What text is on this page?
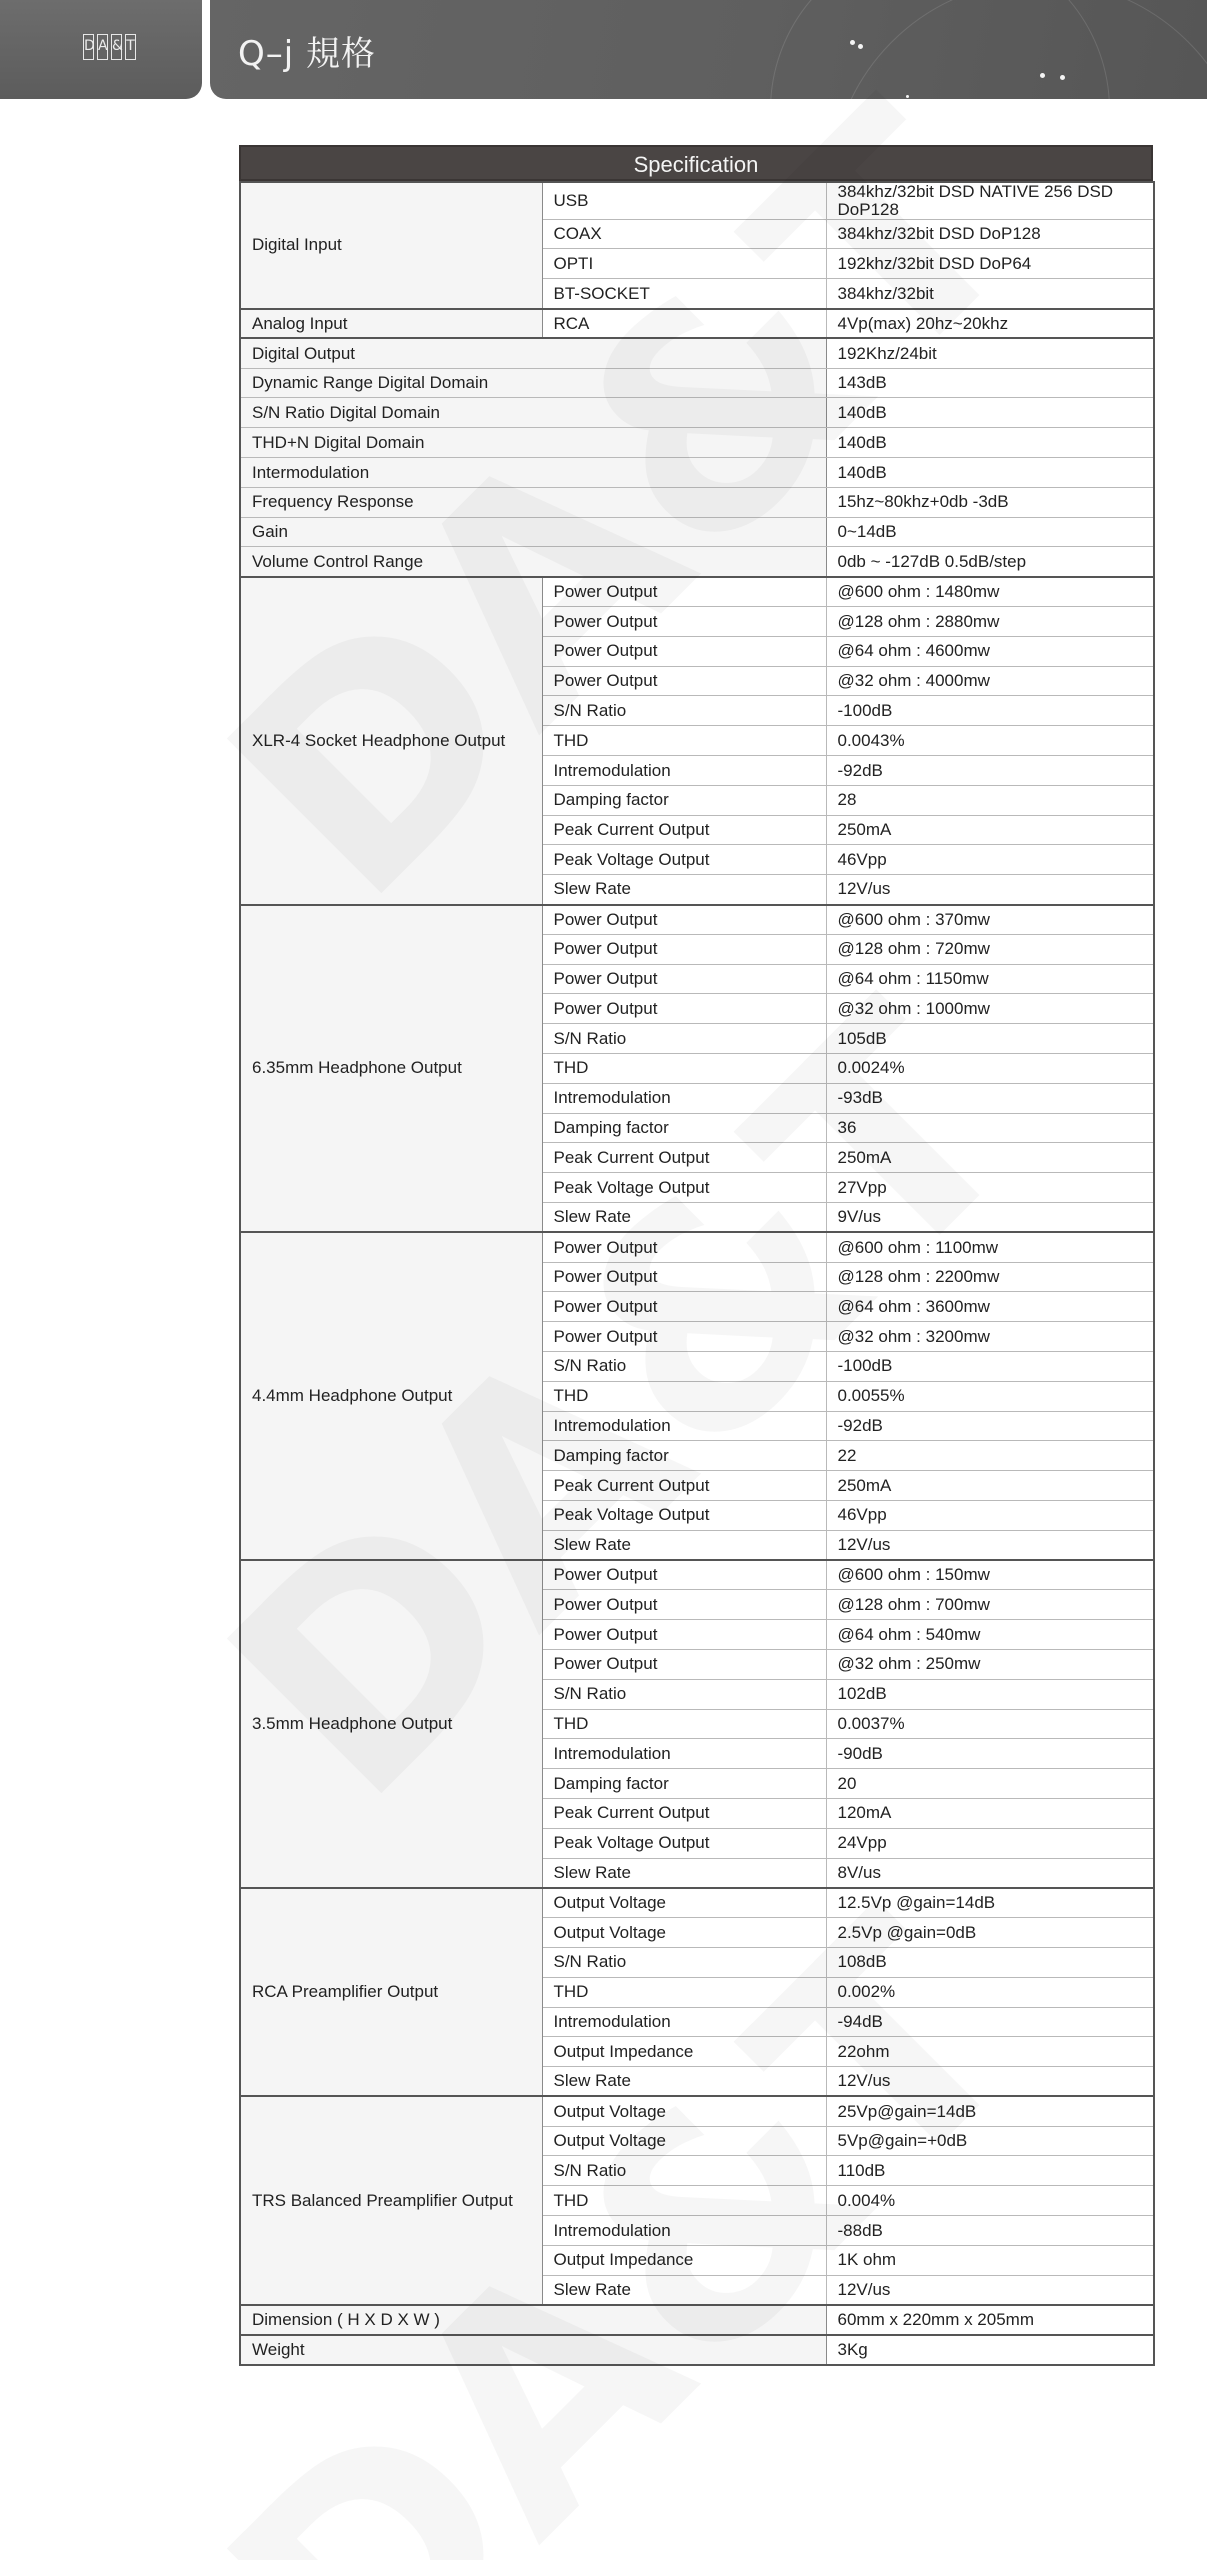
D A & T	Q–j 規格
Specification
Digital Input	USB	384khz/32bit DSD NATIVE 256 DSD DoP128
	COAX	384khz/32bit DSD DoP128
	OPTI	192khz/32bit DSD DoP64
	BT-SOCKET	384khz/32bit
Analog Input	RCA	4Vp(max) 20hz~20khz
Digital Output		192Khz/24bit
Dynamic Range Digital Domain		143dB
S/N Ratio Digital Domain		140dB
THD+N Digital Domain		140dB
Intermodulation		140dB
Frequency Response		15hz~80khz+0db -3dB
Gain		0~14dB
Volume Control Range		0db ~ -127dB 0.5dB/step
XLR-4 Socket Headphone Output	Power Output	@600 ohm : 1480mw
	Power Output	@128 ohm : 2880mw
	Power Output	@64 ohm : 4600mw
	Power Output	@32 ohm : 4000mw
	S/N Ratio	-100dB
	THD	0.0043%
	Intremodulation	-92dB
	Damping factor	28
	Peak Current Output	250mA
	Peak Voltage Output	46Vpp
	Slew Rate	12V/us
6.35mm Headphone Output	Power Output	@600 ohm : 370mw
	Power Output	@128 ohm : 720mw
	Power Output	@64 ohm : 1150mw
	Power Output	@32 ohm : 1000mw
	S/N Ratio	105dB
	THD	0.0024%
	Intremodulation	-93dB
	Damping factor	36
	Peak Current Output	250mA
	Peak Voltage Output	27Vpp
	Slew Rate	9V/us
4.4mm Headphone Output	Power Output	@600 ohm : 1100mw
	Power Output	@128 ohm : 2200mw
	Power Output	@64 ohm : 3600mw
	Power Output	@32 ohm : 3200mw
	S/N Ratio	-100dB
	THD	0.0055%
	Intremodulation	-92dB
	Damping factor	22
	Peak Current Output	250mA
	Peak Voltage Output	46Vpp
	Slew Rate	12V/us
3.5mm Headphone Output	Power Output	@600 ohm : 150mw
	Power Output	@128 ohm : 700mw
	Power Output	@64 ohm : 540mw
	Power Output	@32 ohm : 250mw
	S/N Ratio	102dB
	THD	0.0037%
	Intremodulation	-90dB
	Damping factor	20
	Peak Current Output	120mA
	Peak Voltage Output	24Vpp
	Slew Rate	8V/us
RCA Preamplifier Output	Output Voltage	12.5Vp @gain=14dB
	Output Voltage	2.5Vp @gain=0dB
	S/N Ratio	108dB
	THD	0.002%
	Intremodulation	-94dB
	Output Impedance	22ohm
	Slew Rate	12V/us
TRS Balanced Preamplifier Output	Output Voltage	25Vp@gain=14dB
	Output Voltage	5Vp@gain=+0dB
	S/N Ratio	110dB
	THD	0.004%
	Intremodulation	-88dB
	Output Impedance	1K ohm
	Slew Rate	12V/us
Dimension ( H X D X W )		60mm x 220mm x 205mm
Weight		3Kg
